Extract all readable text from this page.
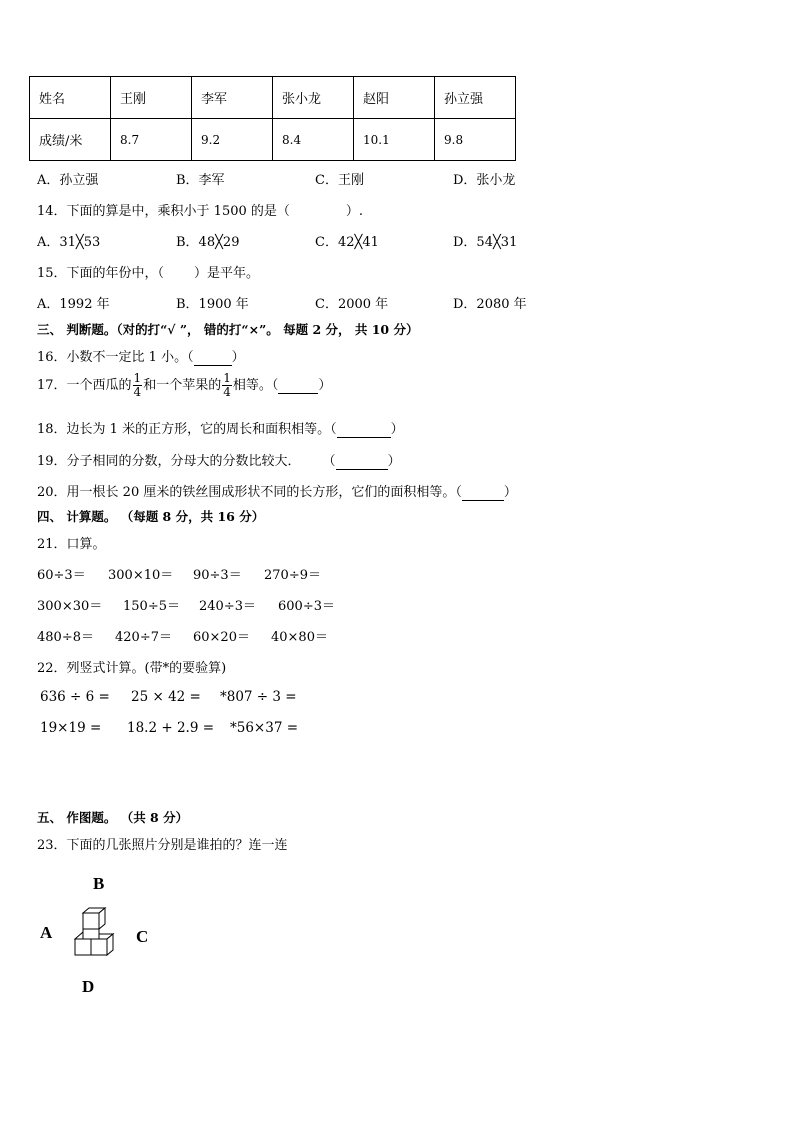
姓名	王刚	李军	张小龙	赵阳	孙立强
成绩/米	8.7	9.2	8.4	10.1	9.8
A．孙立强	B．李军	C．王刚	D．张小龙
14．下面的算是中，乘积小于 1500 的是（	）.
A．31╳53	B．48╳29	C．42╳41	D．54╳31
15．下面的年份中，（ ）是平年。
A．1992 年	B．1900 年	C．2000 年	D．2080 年
三、 判断题。（对的打“√ ”， 错的打“×”。 每题 2 分， 共 10 分）
16．小数不一定比 1 小。（	）
17．一个西瓜的 $\frac{1}{4}$ 和一个苹果的 $\frac{1}{4}$ 相等。（	）
18．边长为 1 米的正方形，它的周长和面积相等。（	）
19．分子相同的分数，分母大的分数比较大． （	）
20．用一根长 20 厘米的铁丝围成形状不同的长方形，它们的面积相等。（	）
四、 计算题。 （每题 8 分，共 16 分）
21．口算。
60÷3＝ 300×10＝ 90÷3＝ 270÷9＝
300×30＝ 150÷5＝ 240÷3＝ 600÷3＝
480÷8＝ 420÷7＝ 60×20＝ 40×80＝
22．列竖式计算。(带*的要验算)
636 ÷ 6 = 25 × 42 = *807 ÷ 3 =
19×19 = 18.2 + 2.9 = *56×37 =
五、 作图题。 （共 8 分）
23．下面的几张照片分别是谁拍的？连一连
B
A	C
D
